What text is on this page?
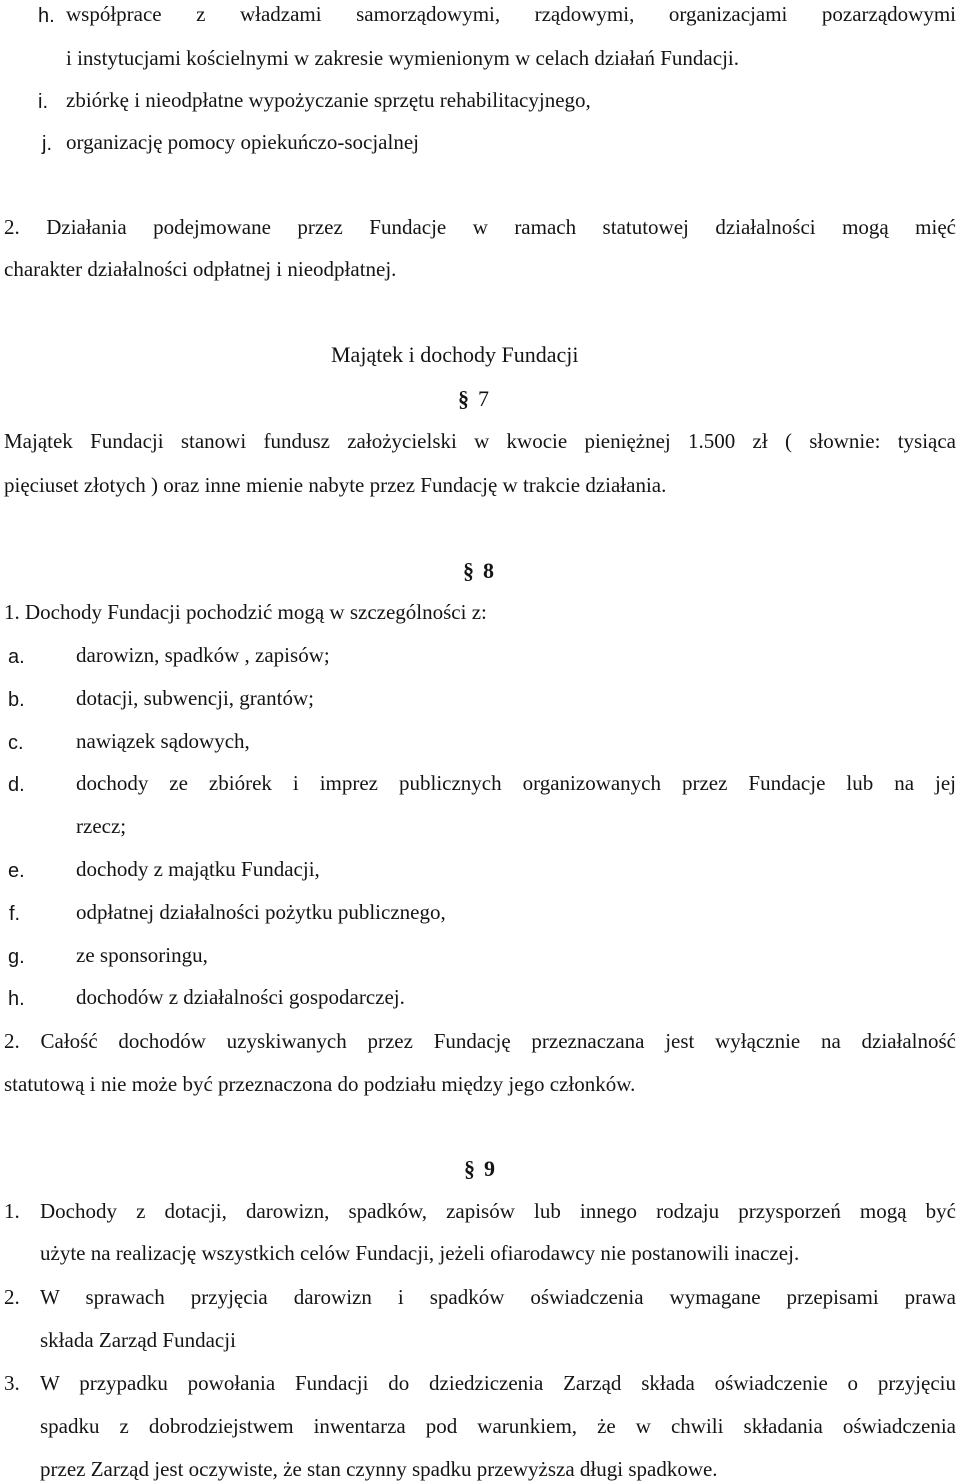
h. współprace z władzami samorządowymi, rządowymi, organizacjami pozarządowymi
i instytucjami kościelnymi w zakresie wymienionym w celach działań Fundacji.
i. zbiórkę i nieodpłatne wypożyczanie sprzętu rehabilitacyjnego,
j. organizację pomocy opiekuńczo-socjalnej
2. Działania podejmowane przez Fundacje w ramach statutowej działalności mogą mięć
charakter działalności odpłatnej i nieodpłatnej.
Majątek i dochody Fundacji
§ 7
Majątek Fundacji stanowi fundusz założycielski w kwocie pieniężnej 1.500 zł ( słownie: tysiąca
pięciuset złotych ) oraz inne mienie nabyte przez Fundację w trakcie działania.
§ 8
1. Dochody Fundacji pochodzić mogą w szczególności z:
a. darowizn, spadków , zapisów;
b. dotacji, subwencji, grantów;
c. nawiązek sądowych,
d. dochody ze zbiórek i imprez publicznych organizowanych przez Fundacje lub na jej
rzecz;
e. dochody z majątku Fundacji,
f.	odpłatnej działalności pożytku publicznego,
g. ze sponsoringu,
h. dochodów z działalności gospodarczej.
2. Całość dochodów uzyskiwanych przez Fundację przeznaczana jest wyłącznie na działalność
statutową i nie może być przeznaczona do podziału między jego członków.
§ 9
1. Dochody z dotacji, darowizn, spadków, zapisów lub innego rodzaju przysporzeń mogą być
użyte na realizację wszystkich celów Fundacji, jeżeli ofiarodawcy nie postanowili inaczej.
2. W sprawach przyjęcia darowizn i spadków oświadczenia wymagane przepisami prawa
składa Zarząd Fundacji
3. W przypadku powołania Fundacji do dziedziczenia Zarząd składa oświadczenie o przyjęciu
spadku z dobrodziejstwem inwentarza pod warunkiem, że w chwili składania oświadczenia
przez Zarząd jest oczywiste, że stan czynny spadku przewyższa długi spadkowe.
